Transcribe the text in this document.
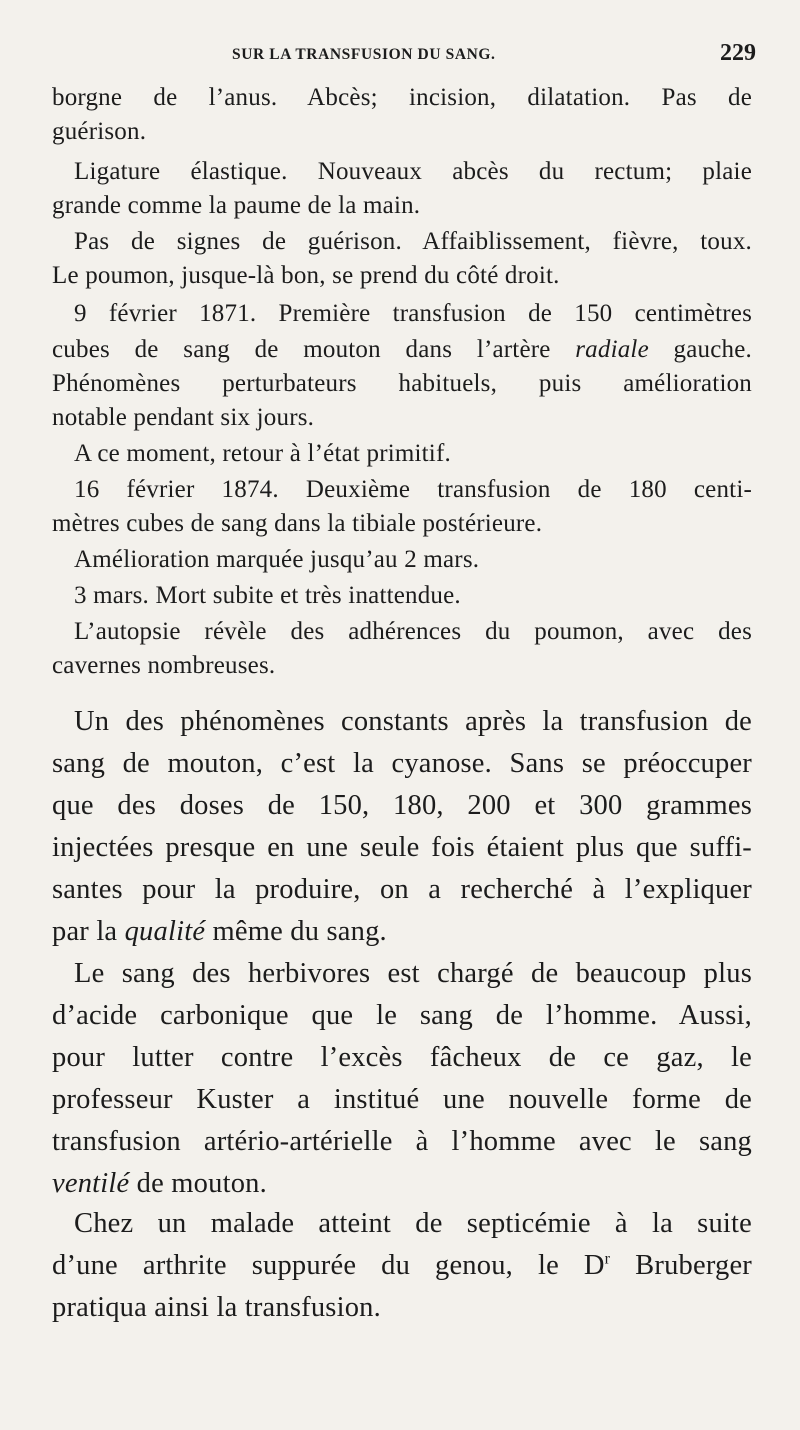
SUR LA TRANSFUSION DU SANG.	229
borgne de l’anus. Abcès; incision, dilatation. Pas de
guérison.
Ligature élastique. Nouveaux abcès du rectum; plaie
grande comme la paume de la main.
Pas de signes de guérison. Affaiblissement, fièvre, toux.
Le poumon, jusque-là bon, se prend du côté droit.
9 février 1871. Première transfusion de 150 centimètres
cubes de sang de mouton dans l’artère radiale gauche.
Phénomènes perturbateurs habituels, puis amélioration
notable pendant six jours.
A ce moment, retour à l’état primitif.
16 février 1874. Deuxième transfusion de 180 centi-
mètres cubes de sang dans la tibiale postérieure.
Amélioration marquée jusqu’au 2 mars.
3 mars. Mort subite et très inattendue.
L’autopsie révèle des adhérences du poumon, avec des
cavernes nombreuses.
Un des phénomènes constants après la transfusion de
sang de mouton, c’est la cyanose. Sans se préoccuper
que des doses de 150, 180, 200 et 300 grammes
injectées presque en une seule fois étaient plus que suffi-
santes pour la produire, on a recherché à l’expliquer
par la qualité même du sang.
Le sang des herbivores est chargé de beaucoup plus
d’acide carbonique que le sang de l’homme. Aussi,
pour lutter contre l’excès fâcheux de ce gaz, le
professeur Kuster a institué une nouvelle forme de
transfusion artério-artérielle à l’homme avec le sang
ventilé de mouton.
Chez un malade atteint de septicémie à la suite
d’une arthrite suppurée du genou, le $D^r$ Bruberger
pratiqua ainsi la transfusion.
